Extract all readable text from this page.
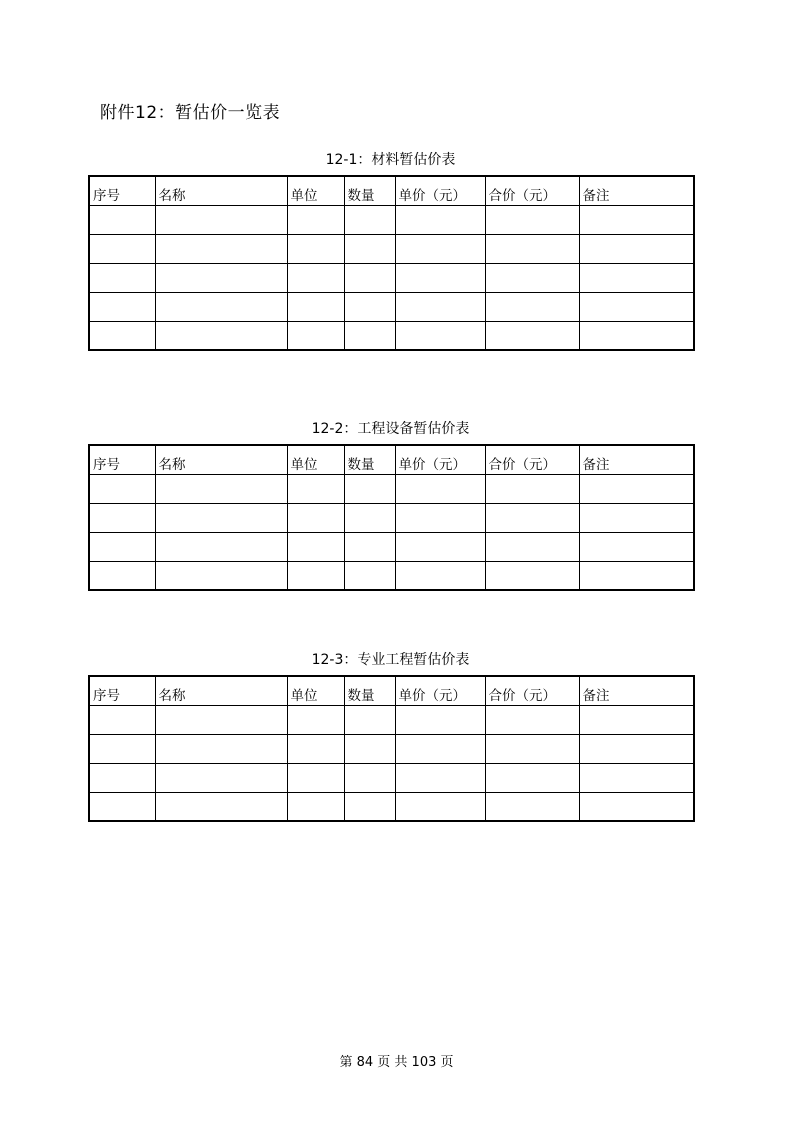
附件12：暂估价一览表
12-1：材料暂估价表
序号	名称	单位	数量	单价（元）	合价（元）	备注

12-2：工程设备暂估价表
序号	名称	单位	数量	单价（元）	合价（元）	备注

12-3：专业工程暂估价表
序号	名称	单位	数量	单价（元）	合价（元）	备注

第 84 页 共 103 页
